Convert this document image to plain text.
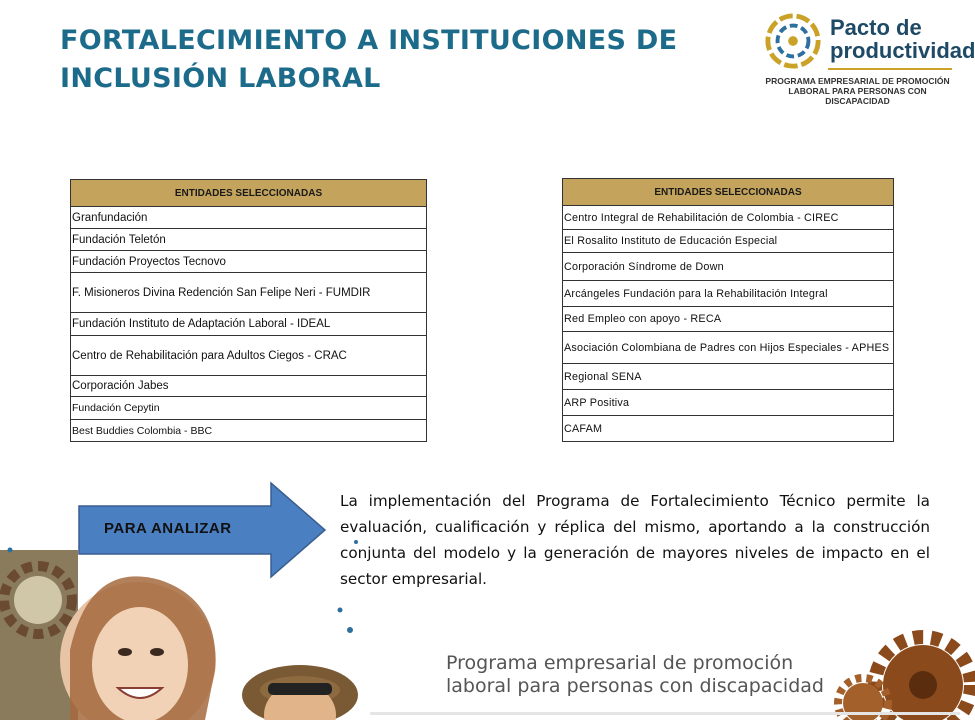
FORTALECIMIENTO A INSTITUCIONES DE INCLUSIÓN LABORAL
Pacto de
productividad
PROGRAMA EMPRESARIAL DE PROMOCIÓN
LABORAL PARA PERSONAS CON DISCAPACIDAD
ENTIDADES SELECCIONADAS
Granfundación
Fundación Teletón
Fundación Proyectos Tecnovo
F. Misioneros Divina Redención San Felipe Neri - FUMDIR
Fundación Instituto de Adaptación Laboral - IDEAL
Centro de Rehabilitación para Adultos Ciegos - CRAC
Corporación Jabes
Fundación Cepytin
Best Buddies Colombia - BBC
ENTIDADES SELECCIONADAS
Centro Integral de Rehabilitación de Colombia - CIREC
El Rosalito Instituto de Educación Especial
Corporación Síndrome de Down
Arcángeles Fundación para la Rehabilitación Integral
Red Empleo con apoyo - RECA
Asociación Colombiana de Padres con Hijos Especiales - APHES
Regional SENA
ARP Positiva
CAFAM
PARA ANALIZAR
La implementación del Programa de Fortalecimiento Técnico permite la evaluación, cualificación y réplica del mismo, aportando a la construcción conjunta del modelo y la generación de mayores niveles de impacto en el sector empresarial.
Programa empresarial de promoción
laboral para personas con discapacidad
